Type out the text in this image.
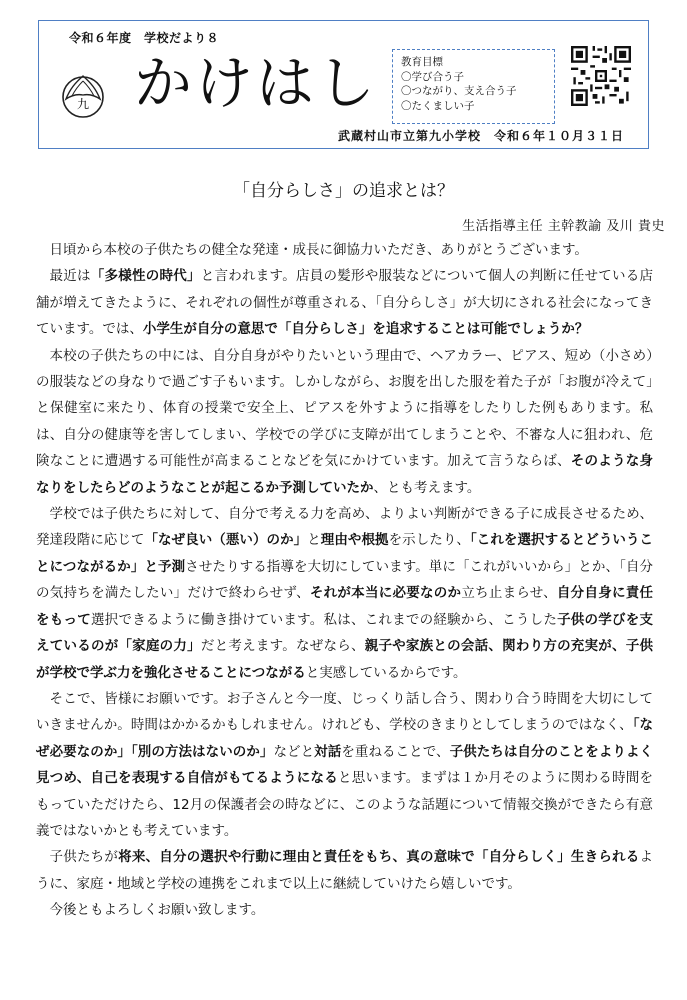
令和６年度　学校だより８
九 かけはし 教育目標
〇学び合う子
〇つながり、支え合う子
〇たくましい子
武蔵村山市立第九小学校　令和６年１０月３１日
「自分らしさ」の追求とは？
生活指導主任 主幹教諭 及川 貴史

日頃から本校の子供たちの健全な発達・成長に御協力いただき、ありがとうございます。

最近は「多様性の時代」と言われます。店員の髪形や服装などについて個人の判断に任せている店舗が増えてきたように、それぞれの個性が尊重される、「自分らしさ」が大切にされる社会になってきています。では、小学生が自分の意思で「自分らしさ」を追求することは可能でしょうか？

本校の子供たちの中には、自分自身がやりたいという理由で、ヘアカラー、ピアス、短め（小さめ）の服装などの身なりで過ごす子もいます。しかしながら、お腹を出した服を着た子が「お腹が冷えて」と保健室に来たり、体育の授業で安全上、ピアスを外すように指導をしたりした例もあります。私は、自分の健康等を害してしまい、学校での学びに支障が出てしまうことや、不審な人に狙われ、危険なことに遭遇する可能性が高まることなどを気にかけています。加えて言うならば、そのような身なりをしたらどのようなことが起こるか予測していたか、とも考えます。

学校では子供たちに対して、自分で考える力を高め、よりよい判断ができる子に成長させるため、発達段階に応じて「なぜ良い（悪い）のか」と理由や根拠を示したり、「これを選択するとどういうことにつながるか」と予測させたりする指導を大切にしています。単に「これがいいから」とか、「自分の気持ちを満たしたい」だけで終わらせず、それが本当に必要なのか立ち止まらせ、自分自身に責任をもって選択できるように働き掛けています。私は、これまでの経験から、こうした子供の学びを支えているのが「家庭の力」だと考えます。なぜなら、親子や家族との会話、関わり方の充実が、子供が学校で学ぶ力を強化させることにつながると実感しているからです。

そこで、皆様にお願いです。お子さんと今一度、じっくり話し合う、関わり合う時間を大切にしていきませんか。時間はかかるかもしれません。けれども、学校のきまりとしてしまうのではなく、「なぜ必要なのか」「別の方法はないのか」などと対話を重ねることで、子供たちは自分のことをよりよく見つめ、自己を表現する自信がもてるようになると思います。まずは１か月そのように関わる時間をもっていただけたら、12月の保護者会の時などに、このような話題について情報交換ができたら有意義ではないかとも考えています。

子供たちが将来、自分の選択や行動に理由と責任をもち、真の意味で「自分らしく」生きられるように、家庭・地域と学校の連携をこれまで以上に継続していけたら嬉しいです。

今後ともよろしくお願い致します。
